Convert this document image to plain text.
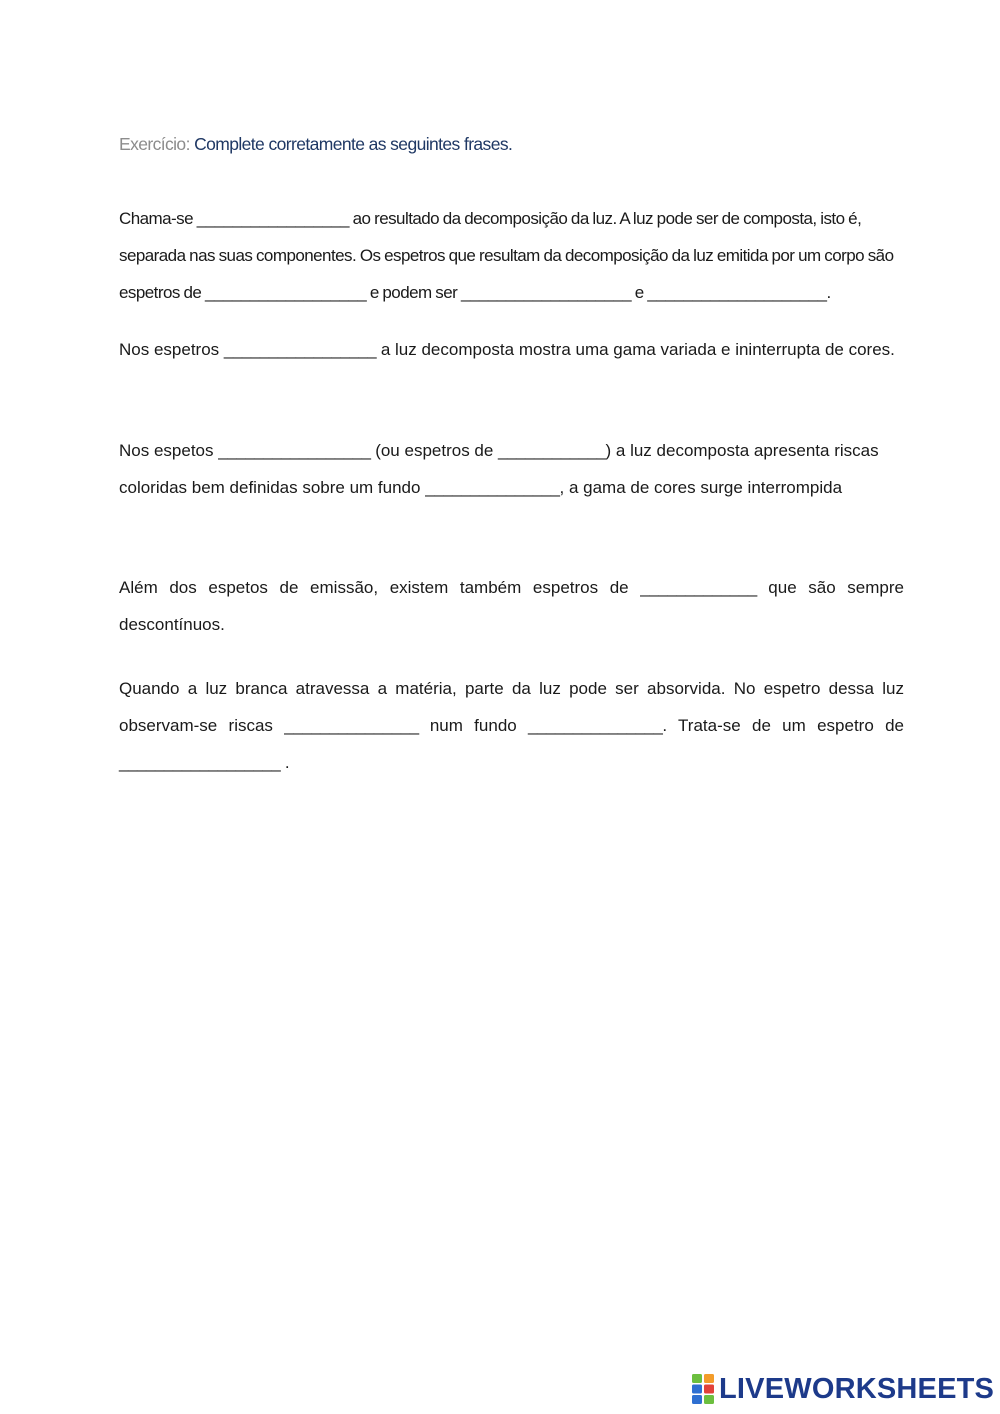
Exercício: Complete corretamente as seguintes frases.

Chama-se _________________ ao resultado da decomposição da luz. A luz pode ser de composta, isto é, separada nas suas componentes. Os espetros que resultam da decomposição da luz emitida por um corpo são espetros de __________________ e podem ser ___________________ e ____________________.

Nos espetros _________________ a luz decomposta mostra uma gama variada e ininterrupta de cores.

Nos espetos _________________ (ou espetros de ____________) a luz decomposta apresenta riscas coloridas bem definidas sobre um fundo _______________, a gama de cores surge interrompida

Além dos espetos de emissão, existem também espetros de _____________ que são sempre descontínuos.

Quando a luz branca atravessa a matéria, parte da luz pode ser absorvida. No espetro dessa luz observam-se riscas _______________ num fundo _______________. Trata-se de um espetro de __________________ .

LIVEWORKSHEETS
